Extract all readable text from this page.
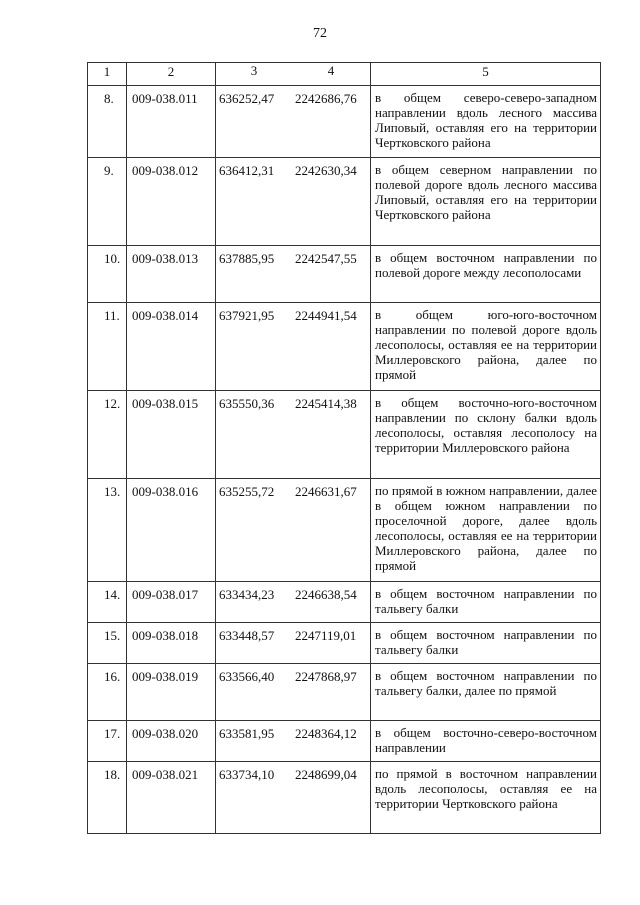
72
1	2	3 4	5
8.	009-038.011	636252,47 2242686,76	в общем северо-северо-западном направлении вдоль лесного массива Липовый, оставляя его на территории Чертковского района
9.	009-038.012	636412,31 2242630,34	в общем северном направлении по полевой дороге вдоль лесного массива Липовый, оставляя его на территории Чертковского района
10.	009-038.013	637885,95 2242547,55	в общем восточном направлении по полевой дороге между лесополосами
11.	009-038.014	637921,95 2244941,54	в общем юго-юго-восточном направлении по полевой дороге вдоль лесополосы, оставляя ее на территории Миллеровского района, далее по прямой
12.	009-038.015	635550,36 2245414,38	в общем восточно-юго-восточном направлении по склону балки вдоль лесополосы, оставляя лесополосу на территории Миллеровского района
13.	009-038.016	635255,72 2246631,67	по прямой в южном направлении, далее в общем южном направлении по проселочной дороге, далее вдоль лесополосы, оставляя ее на территории Миллеровского района, далее по прямой
14.	009-038.017	633434,23 2246638,54	в общем восточном направлении по тальвегу балки
15.	009-038.018	633448,57 2247119,01	в общем восточном направлении по тальвегу балки
16.	009-038.019	633566,40 2247868,97	в общем восточном направлении по тальвегу балки, далее по прямой
17.	009-038.020	633581,95 2248364,12	в общем восточно-северо-восточном направлении
18.	009-038.021	633734,10 2248699,04	по прямой в восточном направлении вдоль лесополосы, оставляя ее на территории Чертковского района
